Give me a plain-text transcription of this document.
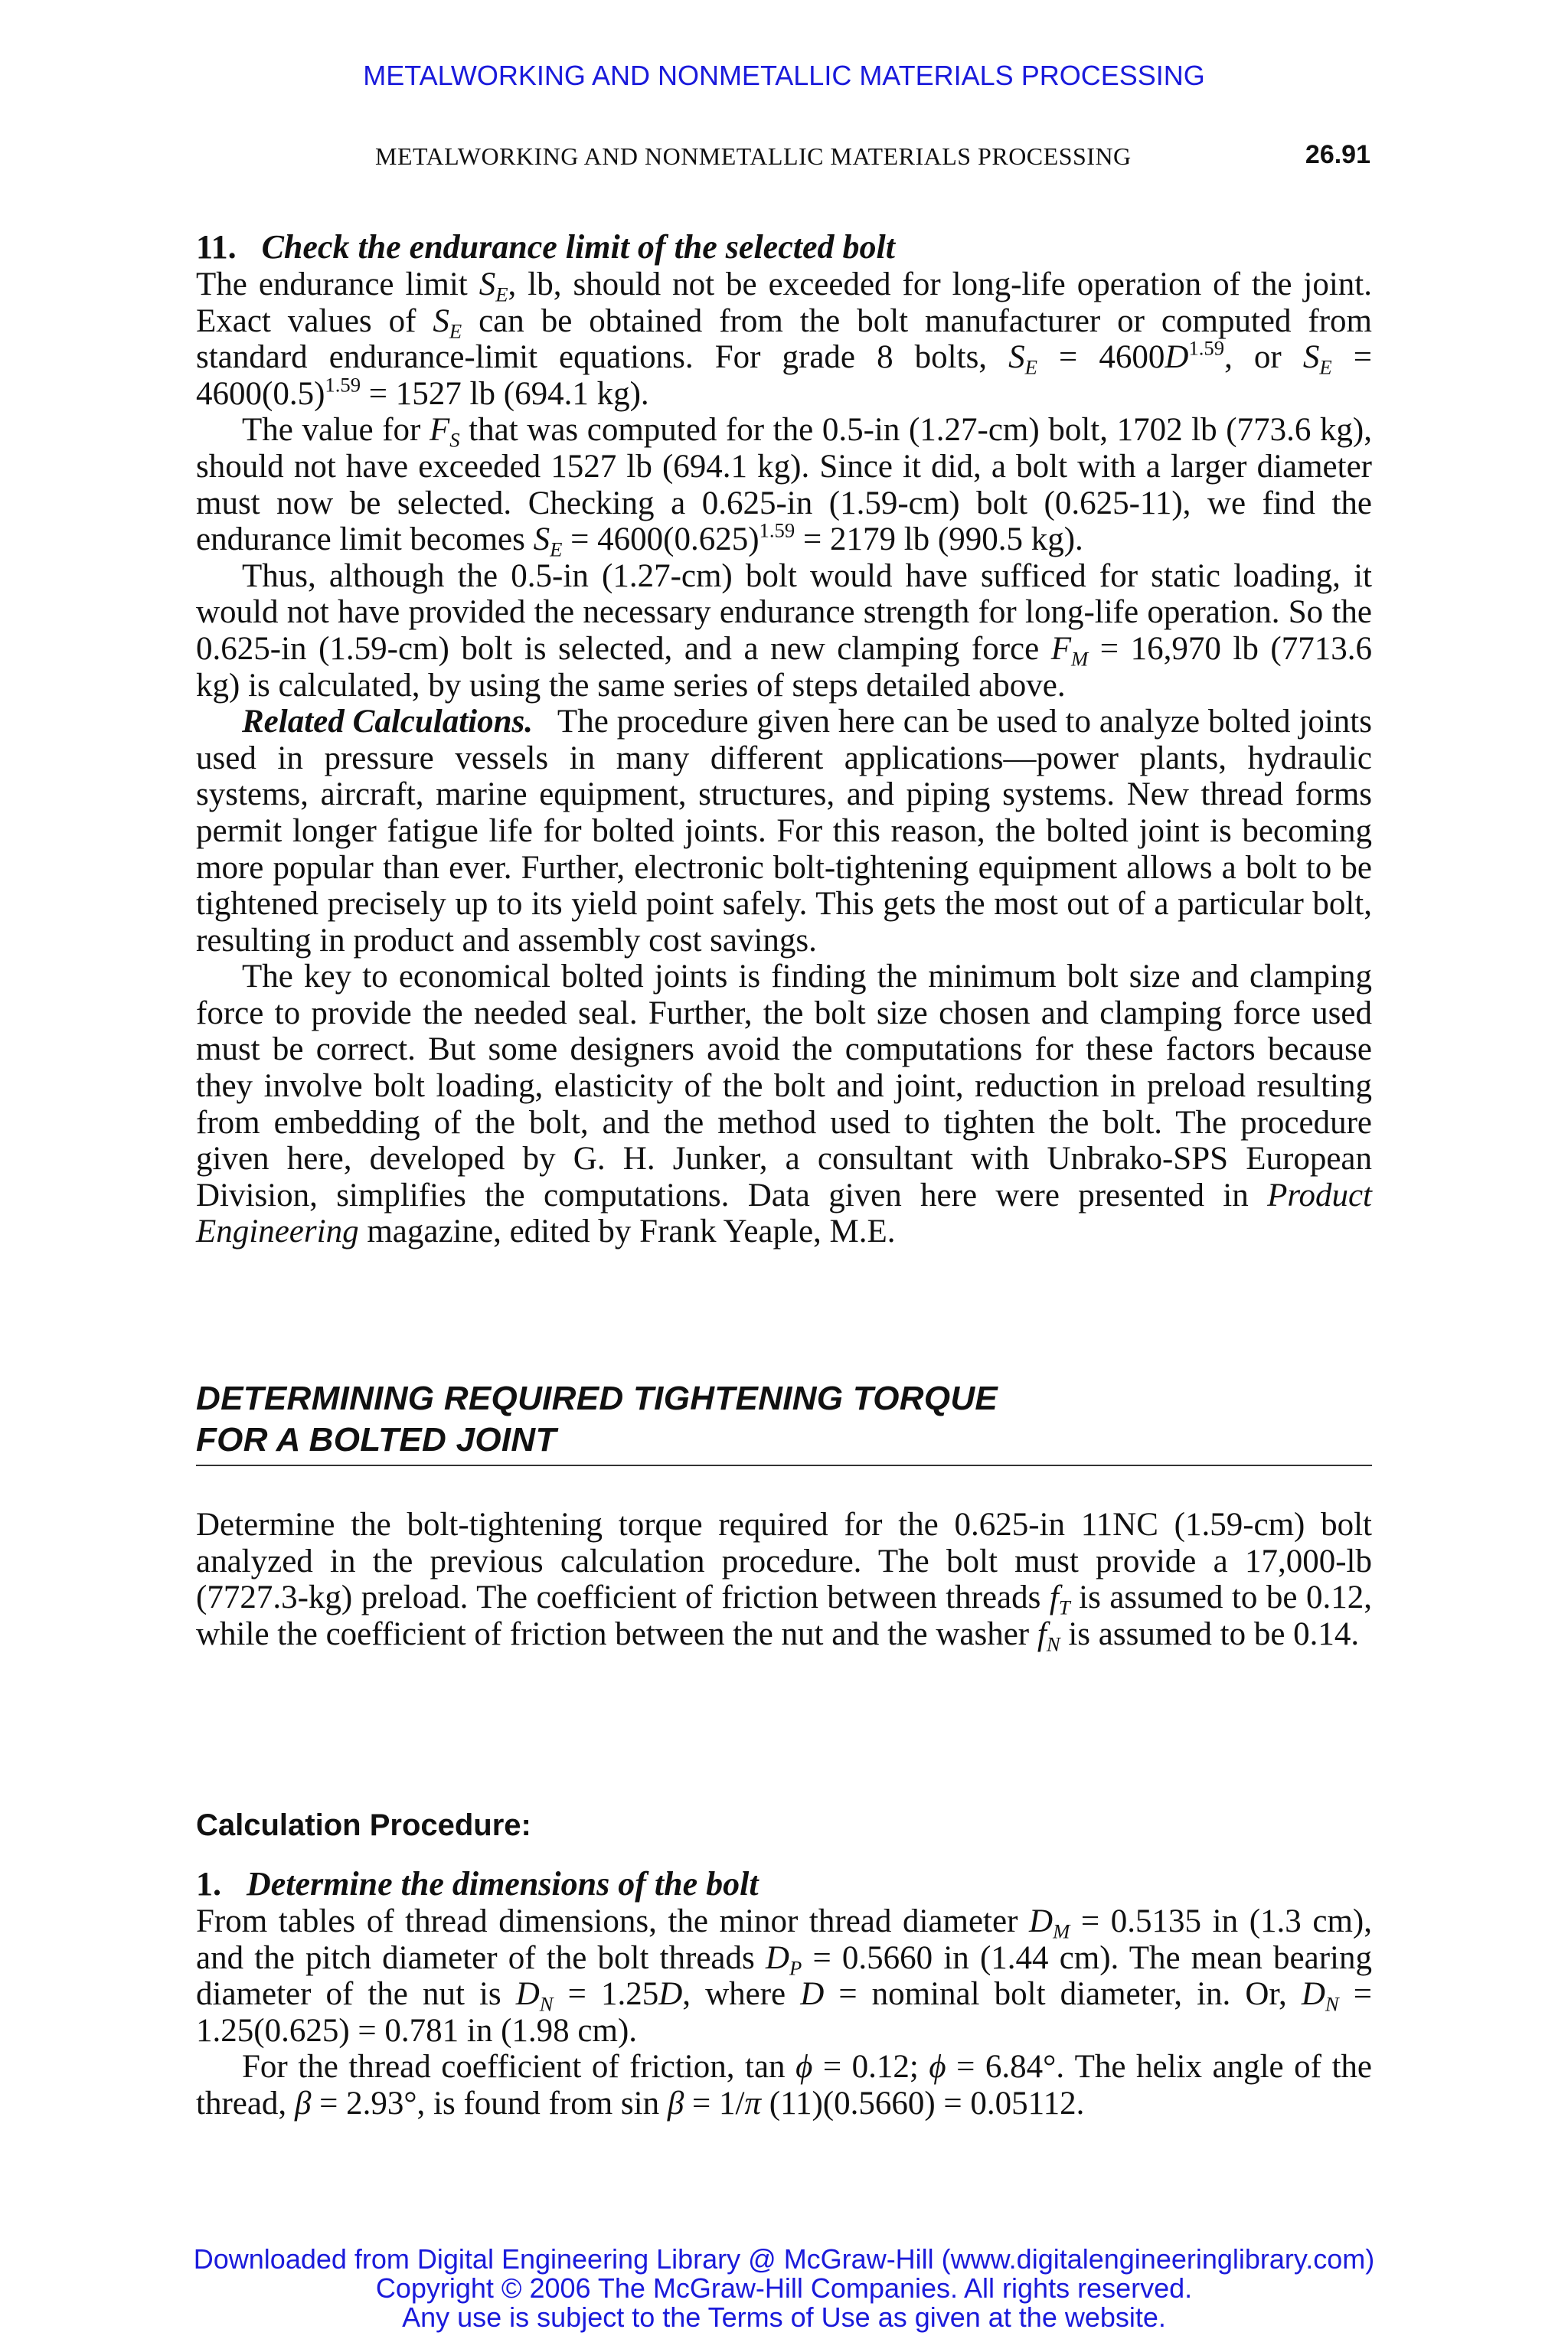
METALWORKING AND NONMETALLIC MATERIALS PROCESSING
METALWORKING AND NONMETALLIC MATERIALS PROCESSING	26.91

11. Check the endurance limit of the selected bolt

The endurance limit $S_E$, lb, should not be exceeded for long-life operation of the joint. Exact values of $S_E$ can be obtained from the bolt manufacturer or computed from standard endurance-limit equations. For grade 8 bolts, $S_E = 4600D^{1.59}$, or $S_E = 4600(0.5)^{1.59} = 1527$ lb (694.1 kg).

The value for $F_S$ that was computed for the 0.5-in (1.27-cm) bolt, 1702 lb (773.6 kg), should not have exceeded 1527 lb (694.1 kg). Since it did, a bolt with a larger diameter must now be selected. Checking a 0.625-in (1.59-cm) bolt (0.625-11), we find the endurance limit becomes $S_E = 4600(0.625)^{1.59} = 2179$ lb (990.5 kg).

Thus, although the 0.5-in (1.27-cm) bolt would have sufficed for static loading, it would not have provided the necessary endurance strength for long-life operation. So the 0.625-in (1.59-cm) bolt is selected, and a new clamping force $F_M = 16,970$ lb (7713.6 kg) is calculated, by using the same series of steps detailed above.

Related Calculations. The procedure given here can be used to analyze bolted joints used in pressure vessels in many different applications—power plants, hydraulic systems, aircraft, marine equipment, structures, and piping systems. New thread forms permit longer fatigue life for bolted joints. For this reason, the bolted joint is becoming more popular than ever. Further, electronic bolt-tightening equipment allows a bolt to be tightened precisely up to its yield point safely. This gets the most out of a particular bolt, resulting in product and assembly cost savings.

The key to economical bolted joints is finding the minimum bolt size and clamping force to provide the needed seal. Further, the bolt size chosen and clamping force used must be correct. But some designers avoid the computations for these factors because they involve bolt loading, elasticity of the bolt and joint, reduction in preload resulting from embedding of the bolt, and the method used to tighten the bolt. The procedure given here, developed by G. H. Junker, a consultant with Unbrako-SPS European Division, simplifies the computations. Data given here were presented in Product Engineering magazine, edited by Frank Yeaple, M.E.

DETERMINING REQUIRED TIGHTENING TORQUE
FOR A BOLTED JOINT

Determine the bolt-tightening torque required for the 0.625-in 11NC (1.59-cm) bolt analyzed in the previous calculation procedure. The bolt must provide a 17,000-lb (7727.3-kg) preload. The coefficient of friction between threads $f_T$ is assumed to be 0.12, while the coefficient of friction between the nut and the washer $f_N$ is assumed to be 0.14.

Calculation Procedure:

1. Determine the dimensions of the bolt

From tables of thread dimensions, the minor thread diameter $D_M = 0.5135$ in (1.3 cm), and the pitch diameter of the bolt threads $D_P = 0.5660$ in (1.44 cm). The mean bearing diameter of the nut is $D_N = 1.25D$, where D = nominal bolt diameter, in. Or, $D_N = 1.25(0.625) = 0.781$ in (1.98 cm).

For the thread coefficient of friction, tan ϕ = 0.12; ϕ = 6.84°. The helix angle of the thread, β = 2.93°, is found from sin β = 1/π (11)(0.5660) = 0.05112.

Downloaded from Digital Engineering Library @ McGraw-Hill (www.digitalengineeringlibrary.com)
Copyright © 2006 The McGraw-Hill Companies. All rights reserved.
Any use is subject to the Terms of Use as given at the website.
